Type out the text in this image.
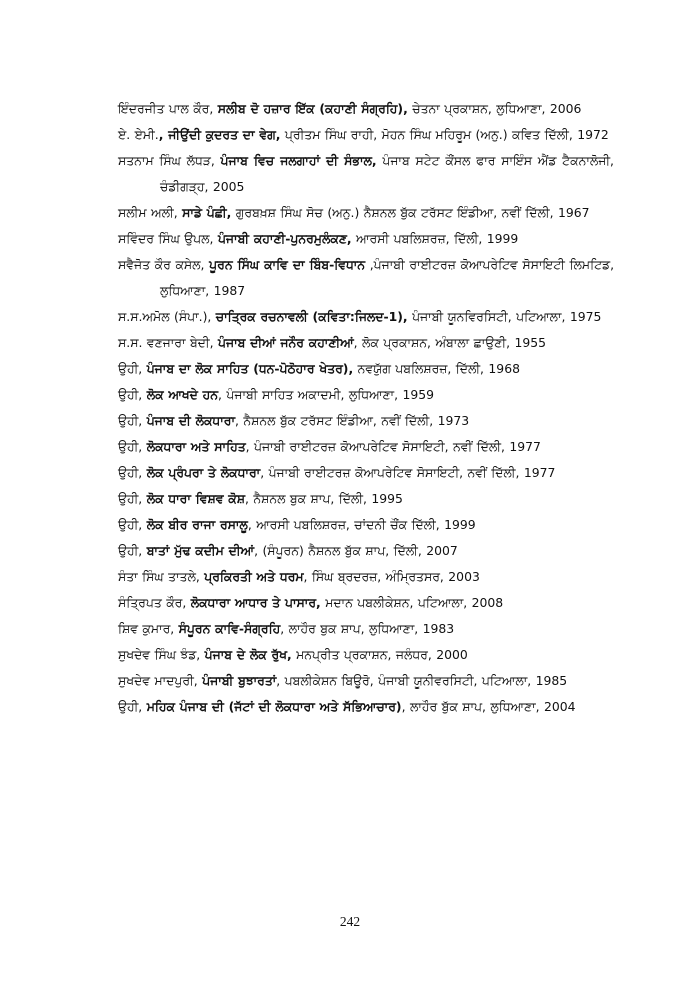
ਇੰਦਰਜੀਤ ਪਾਲ ਕੌਰ, ਸਲੀਬ ਦੋ ਹਜ਼ਾਰ ਇੱਕ (ਕਹਾਣੀ ਸੰਗ੍ਰਹਿ), ਚੇਤਨਾ ਪ੍ਰਕਾਸ਼ਨ, ਲੁਧਿਆਣਾ, 2006
ਏ. ਏਮੀ., ਜੀਉਂਦੀ ਕੁਦਰਤ ਦਾ ਵੇਗ, ਪ੍ਰੀਤਮ ਸਿੰਘ ਰਾਹੀ, ਮੋਹਨ ਸਿੰਘ ਮਹਿਰੂਮ (ਅਨੁ.) ਕਵਿਤ ਦਿੱਲੀ, 1972
ਸਤਨਾਮ ਸਿੰਘ ਲੱਧੜ, ਪੰਜਾਬ ਵਿਚ ਜਲਗਾਹਾਂ ਦੀ ਸੰਭਾਲ, ਪੰਜਾਬ ਸਟੇਟ ਕੌਂਸਲ ਫਾਰ ਸਾਇੰਸ ਐਂਡ ਟੈਕਨਾਲੋਜੀ, ਚੰਡੀਗੜ੍ਹ, 2005
ਸਲੀਮ ਅਲੀ, ਸਾਡੇ ਪੰਛੀ, ਗੁਰਬਖ਼ਸ਼ ਸਿੰਘ ਸੋਚ (ਅਨੁ.) ਨੈਸ਼ਨਲ ਬੁੱਕ ਟਰੱਸਟ ਇੰਡੀਆ, ਨਵੀਂ ਦਿੱਲੀ, 1967
ਸਵਿੰਦਰ ਸਿੰਘ ਉਪਲ, ਪੰਜਾਬੀ ਕਹਾਣੀ-ਪੁਨਰਮੁਲੰਕਣ, ਆਰਸੀ ਪਬਲਿਸ਼ਰਜ਼, ਦਿੱਲੀ, 1999
ਸਵੈਜੋਤ ਕੌਰ ਕਸੇਲ, ਪੂਰਨ ਸਿੰਘ ਕਾਵਿ ਦਾ ਬਿੰਬ-ਵਿਧਾਨ ,ਪੰਜਾਬੀ ਰਾਈਟਰਜ਼ ਕੋਆਪਰੇਟਿਵ ਸੋਸਾਇਟੀ ਲਿਮਟਿਡ, ਲੁਧਿਆਣਾ, 1987
ਸ.ਸ.ਅਮੋਲ (ਸੰਪਾ.), ਚਾਤ੍ਰਿਕ ਰਚਨਾਵਲੀ (ਕਵਿਤਾ:ਜਿਲਦ-1), ਪੰਜਾਬੀ ਯੂਨਵਿਰਸਿਟੀ, ਪਟਿਆਲਾ, 1975
ਸ.ਸ. ਵਣਜਾਰਾ ਬੇਦੀ, ਪੰਜਾਬ ਦੀਆਂ ਜਨੌਰ ਕਹਾਣੀਆਂ, ਲੋਕ ਪ੍ਰਕਾਸ਼ਨ, ਅੰਬਾਲਾ ਛਾਉਣੀ, 1955
ਉਹੀ, ਪੰਜਾਬ ਦਾ ਲੋਕ ਸਾਹਿਤ (ਧਨ-ਪੋਠੋਹਾਰ ਖੇਤਰ), ਨਵਯੁੱਗ ਪਬਲਿਸ਼ਰਜ਼, ਦਿੱਲੀ, 1968
ਉਹੀ, ਲੋਕ ਆਖਦੇ ਹਨ, ਪੰਜਾਬੀ ਸਾਹਿਤ ਅਕਾਦਮੀ, ਲੁਧਿਆਣਾ, 1959
ਉਹੀ, ਪੰਜਾਬ ਦੀ ਲੋਕਧਾਰਾ, ਨੈਸ਼ਨਲ ਬੁੱਕ ਟਰੱਸਟ ਇੰਡੀਆ, ਨਵੀਂ ਦਿੱਲੀ, 1973
ਉਹੀ, ਲੋਕਧਾਰਾ ਅਤੇ ਸਾਹਿਤ, ਪੰਜਾਬੀ ਰਾਈਟਰਜ਼ ਕੋਆਪਰੇਟਿਵ ਸੋਸਾਇਟੀ, ਨਵੀਂ ਦਿੱਲੀ, 1977
ਉਹੀ, ਲੋਕ ਪ੍ਰੰਪਰਾ ਤੇ ਲੋਕਧਾਰਾ, ਪੰਜਾਬੀ ਰਾਈਟਰਜ਼ ਕੋਆਪਰੇਟਿਵ ਸੋਸਾਇਟੀ, ਨਵੀਂ ਦਿੱਲੀ, 1977
ਉਹੀ, ਲੋਕ ਧਾਰਾ ਵਿਸ਼ਵ ਕੋਸ਼, ਨੈਸ਼ਨਲ ਬੁਕ ਸ਼ਾਪ, ਦਿੱਲੀ, 1995
ਉਹੀ, ਲੋਕ ਬੀਰ ਰਾਜਾ ਰਸਾਲੂ, ਆਰਸੀ ਪਬਲਿਸ਼ਰਜ਼, ਚਾਂਦਨੀ ਚੌਂਕ ਦਿੱਲੀ, 1999
ਉਹੀ, ਬਾਤਾਂ ਮੁੱਢ ਕਦੀਮ ਦੀਆਂ, (ਸੰਪੂਰਨ) ਨੈਸ਼ਨਲ ਬੁੱਕ ਸ਼ਾਪ, ਦਿੱਲੀ, 2007
ਸੰਤਾ ਸਿੰਘ ਤਾਤਲੇ, ਪ੍ਰਕਿਰਤੀ ਅਤੇ ਧਰਮ, ਸਿੰਘ ਬ੍ਰਦਰਜ਼, ਅੰਮ੍ਰਿਤਸਰ, 2003
ਸੰਤ੍ਰਿਪਤ ਕੌਰ, ਲੋਕਧਾਰਾ ਆਧਾਰ ਤੇ ਪਾਸਾਰ, ਮਦਾਨ ਪਬਲੀਕੇਸ਼ਨ, ਪਟਿਆਲਾ, 2008
ਸ਼ਿਵ ਕੁਮਾਰ, ਸੰਪੂਰਨ ਕਾਵਿ-ਸੰਗ੍ਰਹਿ, ਲਾਹੌਰ ਬੁਕ ਸ਼ਾਪ, ਲੁਧਿਆਣਾ, 1983
ਸੁਖਦੇਵ ਸਿੰਘ ਝੰਡ, ਪੰਜਾਬ ਦੇ ਲੋਕ ਰੁੱਖ, ਮਨਪ੍ਰੀਤ ਪ੍ਰਕਾਸ਼ਨ, ਜਲੰਧਰ, 2000
ਸੁਖਦੇਵ ਮਾਦਪੁਰੀ, ਪੰਜਾਬੀ ਬੁਝਾਰਤਾਂ, ਪਬਲੀਕੇਸ਼ਨ ਬਿਊਰੋ, ਪੰਜਾਬੀ ਯੂਨੀਵਰਸਿਟੀ, ਪਟਿਆਲਾ, 1985
ਉਹੀ, ਮਹਿਕ ਪੰਜਾਬ ਦੀ (ਜੱਟਾਂ ਦੀ ਲੋਕਧਾਰਾ ਅਤੇ ਸੱਭਿਆਚਾਰ), ਲਾਹੌਰ ਬੁੱਕ ਸ਼ਾਪ, ਲੁਧਿਆਣਾ, 2004
242
